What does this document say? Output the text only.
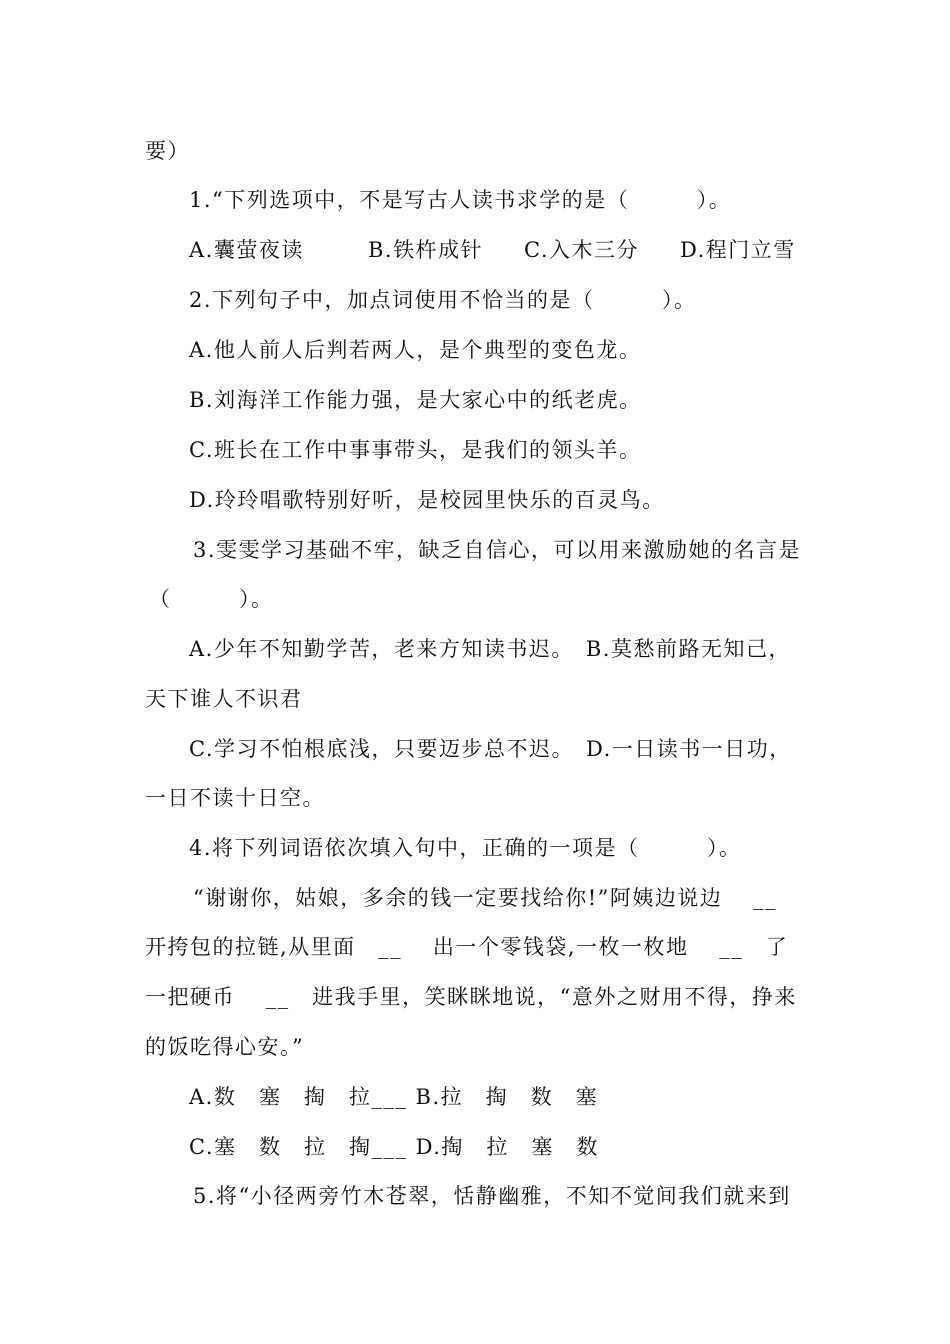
要）
1.“下列选项中，不是写古人读书求学的是（　　　）。

A.囊萤夜读

	B.铁杵成针

C.入木三分

D.程门立雪

2.下列句子中，加点词使用不恰当的是（　　　）。
A.他人前人后判若两人，是个典型的变色龙。
B.刘海洋工作能力强，是大家心中的纸老虎。
C.班长在工作中事事带头，是我们的领头羊。
D.玲玲唱歌特别好听，是校园里快乐的百灵鸟。
3.雯雯学习基础不牢，缺乏自信心，可以用来激励她的名言是
（　　　）。
A.少年不知勤学苦，老来方知读书迟。　B.莫愁前路无知己，
天下谁人不识君
C.学习不怕根底浅，只要迈步总不迟。　D.一日读书一日功，
一日不读十日空。
4.将下列词语依次填入句中，正确的一项是（　　　）。
“谢谢你，姑娘，多余的钱一定要找给你!”阿姨边说边　 __
开挎包的拉链,从里面　__　 出一个零钱袋,一枚一枚地　 __　了
一把硬币　 __　进我手里，笑眯眯地说，“意外之财用不得，挣来
的饭吃得心安。”
A.数　塞　掏　拉___ B.拉　掏　数　塞
C.塞　数　拉　掏___ D.掏　拉　塞　数
5.将“小径两旁竹木苍翠，恬静幽雅，不知不觉间我们就来到
